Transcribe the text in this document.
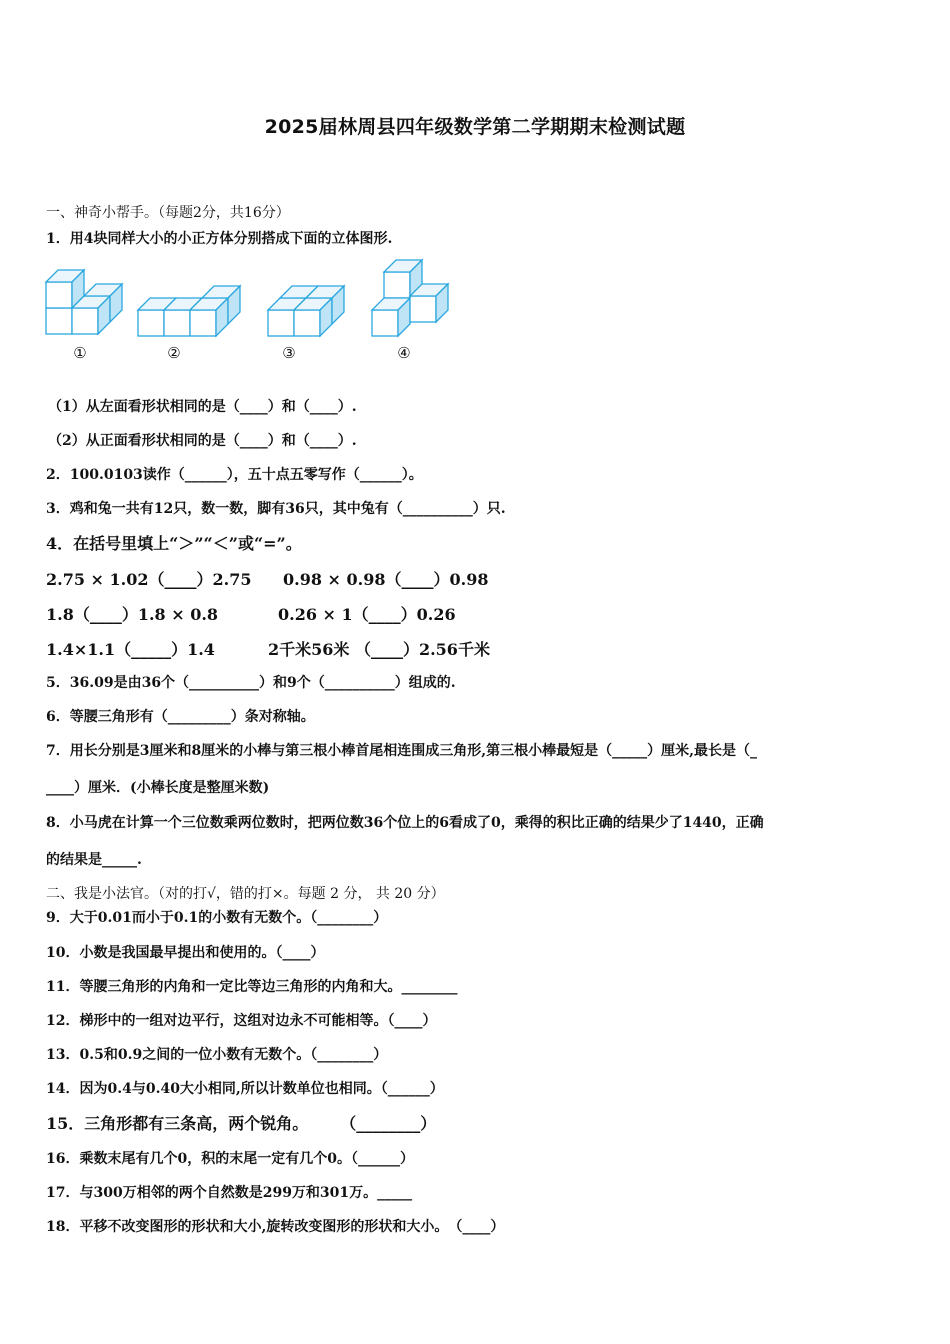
2025届林周县四年级数学第二学期期末检测试题
一、神奇小帮手。（每题2分，共16分）
1．用4块同样大小的小正方体分别搭成下面的立体图形.
①	②	③	④
（1）从左面看形状相同的是（____）和（____）.
（2）从正面看形状相同的是（____）和（____）.
2．100.0103读作（______），五十点五零写作（______）。
3．鸡和兔一共有12只，数一数，脚有36只，其中兔有（__________）只.
4．在括号里填上“＞”“＜”或“=”。
2.75 × 1.02（____）2.75 0.98 × 0.98（____）0.98
1.8（____）1.8 × 0.8	0.26 × 1（____）0.26
1.4×1.1（_____）1.4	2千米56米 （____）2.56千米
5．36.09是由36个（__________）和9个（__________）组成的.
6．等腰三角形有（_________）条对称轴。
7．用长分别是3厘米和8厘米的小棒与第三根小棒首尾相连围成三角形,第三根小棒最短是（_____）厘米,最长是（_
____）厘米．(小棒长度是整厘米数)
8．小马虎在计算一个三位数乘两位数时，把两位数36个位上的6看成了0，乘得的积比正确的结果少了1440，正确
的结果是_____.
二、我是小法官。（对的打√，错的打×。每题 2 分， 共 20 分）
9．大于0.01而小于0.1的小数有无数个。（________）
10．小数是我国最早提出和使用的。（____）
11．等腰三角形的内角和一定比等边三角形的内角和大。________
12．梯形中的一组对边平行，这组对边永不可能相等。（____）
13．0.5和0.9之间的一位小数有无数个。（________）
14．因为0.4与0.40大小相同,所以计数单位也相同。（______）
15．三角形都有三条高，两个锐角。　　　（________）
16．乘数末尾有几个0，积的末尾一定有几个0。（______）
17．与300万相邻的两个自然数是299万和301万。_____
18．平移不改变图形的形状和大小,旋转改变图形的形状和大小。　（____）
